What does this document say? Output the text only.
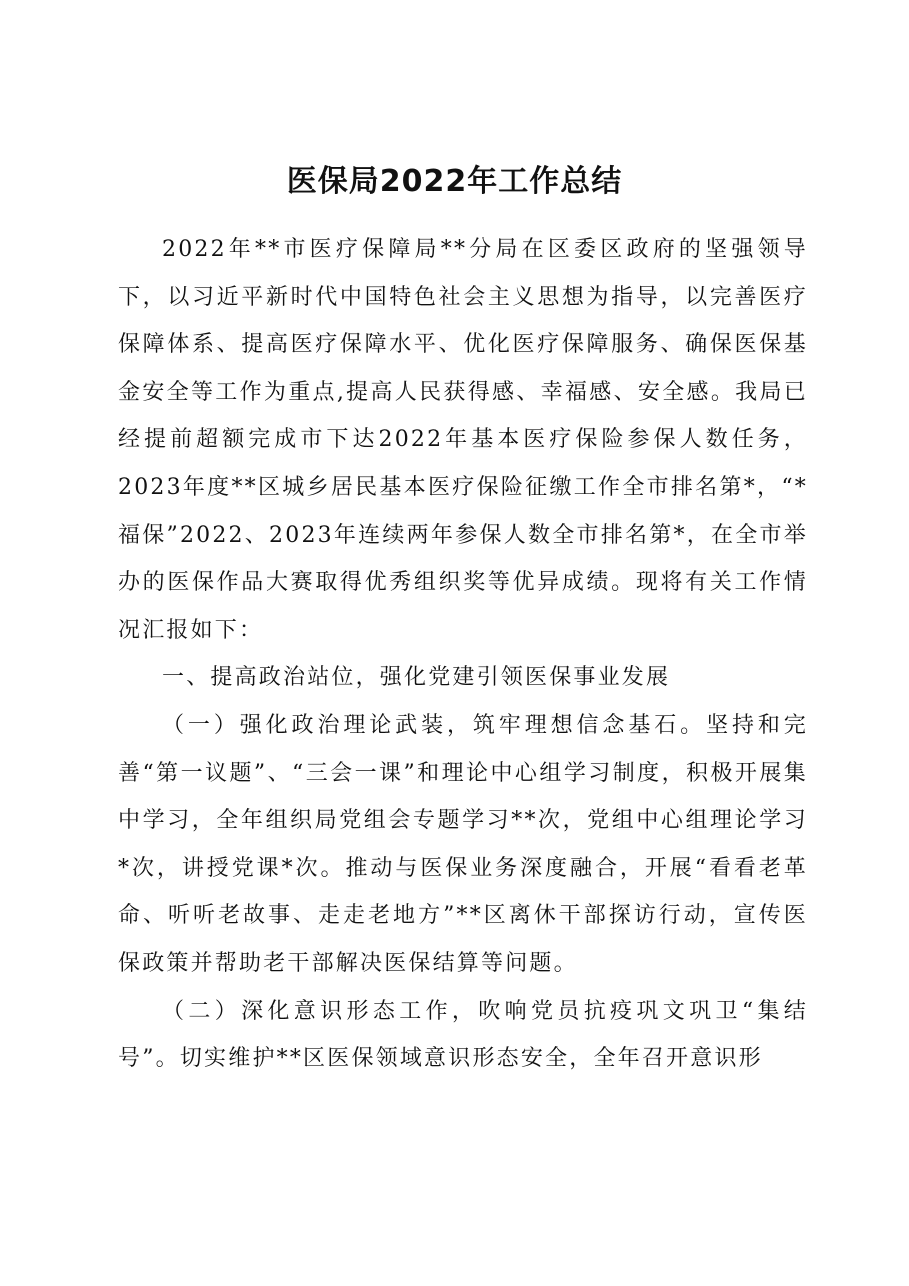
医保局2022年工作总结

2022年**市医疗保障局**分局在区委区政府的坚强领导下，以习近平新时代中国特色社会主义思想为指导，以完善医疗保障体系、提高医疗保障水平、优化医疗保障服务、确保医保基金安全等工作为重点,提高人民获得感、幸福感、安全感。我局已经提前超额完成市下达2022年基本医疗保险参保人数任务，2023年度**区城乡居民基本医疗保险征缴工作全市排名第*，“*福保”2022、2023年连续两年参保人数全市排名第*，在全市举办的医保作品大赛取得优秀组织奖等优异成绩。现将有关工作情况汇报如下：

一、提高政治站位，强化党建引领医保事业发展

（一）强化政治理论武装，筑牢理想信念基石。坚持和完善“第一议题”、“三会一课”和理论中心组学习制度，积极开展集中学习，全年组织局党组会专题学习**次，党组中心组理论学习*次，讲授党课*次。推动与医保业务深度融合，开展“看看老革命、听听老故事、走走老地方”**区离休干部探访行动，宣传医保政策并帮助老干部解决医保结算等问题。

（二）深化意识形态工作，吹响党员抗疫巩文巩卫“集结号”。切实维护**区医保领域意识形态安全，全年召开意识形
